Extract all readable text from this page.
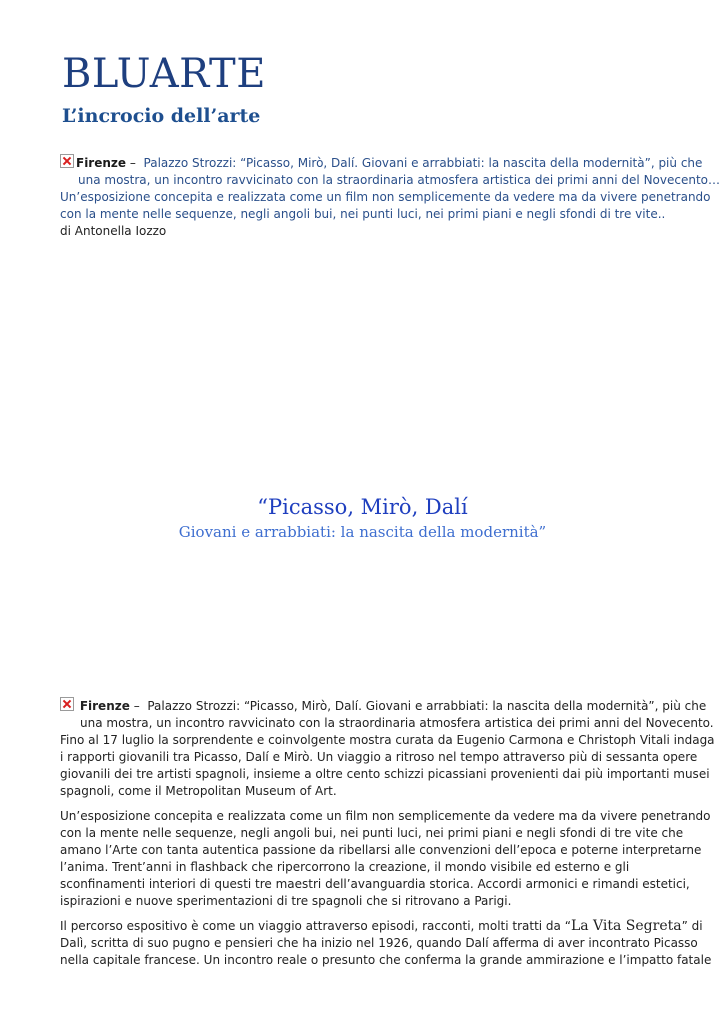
BLUARTE
L’incrocio dell’arte
Firenze –  Palazzo Strozzi: “Picasso, Mirò, Dalí. Giovani e arrabbiati: la nascita della modernità”, più che
una mostra, un incontro ravvicinato con la straordinaria atmosfera artistica dei primi anni del Novecento…
Un’esposizione concepita e realizzata come un film non semplicemente da vedere ma da vivere penetrando
con la mente nelle sequenze, negli angoli bui, nei punti luci, nei primi piani e negli sfondi di tre vite..
di Antonella Iozzo
“Picasso, Mirò, Dalí

Giovani e arrabbiati: la nascita della modernità”

Firenze –  Palazzo Strozzi: “Picasso, Mirò, Dalí. Giovani e arrabbiati: la nascita della modernità”, più che
una mostra, un incontro ravvicinato con la straordinaria atmosfera artistica dei primi anni del Novecento.
Fino al 17 luglio la sorprendente e coinvolgente mostra curata da Eugenio Carmona e Christoph Vitali indaga
i rapporti giovanili tra Picasso, Dalí e Mirò. Un viaggio a ritroso nel tempo attraverso più di sessanta opere
giovanili dei tre artisti spagnoli, insieme a oltre cento schizzi picassiani provenienti dai più importanti musei
spagnoli, come il Metropolitan Museum of Art.
Un’esposizione concepita e realizzata come un film non semplicemente da vedere ma da vivere penetrando
con la mente nelle sequenze, negli angoli bui, nei punti luci, nei primi piani e negli sfondi di tre vite che
amano l’Arte con tanta autentica passione da ribellarsi alle convenzioni dell’epoca e poterne interpretarne
l’anima. Trent’anni in flashback che ripercorrono la creazione, il mondo visibile ed esterno e gli
sconfinamenti interiori di questi tre maestri dell’avanguardia storica. Accordi armonici e rimandi estetici,
ispirazioni e nuove sperimentazioni di tre spagnoli che si ritrovano a Parigi.
Il percorso espositivo è come un viaggio attraverso episodi, racconti, molti tratti da “La Vita Segreta” di
Dalì, scritta di suo pugno e pensieri che ha inizio nel 1926, quando Dalí afferma di aver incontrato Picasso
nella capitale francese. Un incontro reale o presunto che conferma la grande ammirazione e l’impatto fatale
